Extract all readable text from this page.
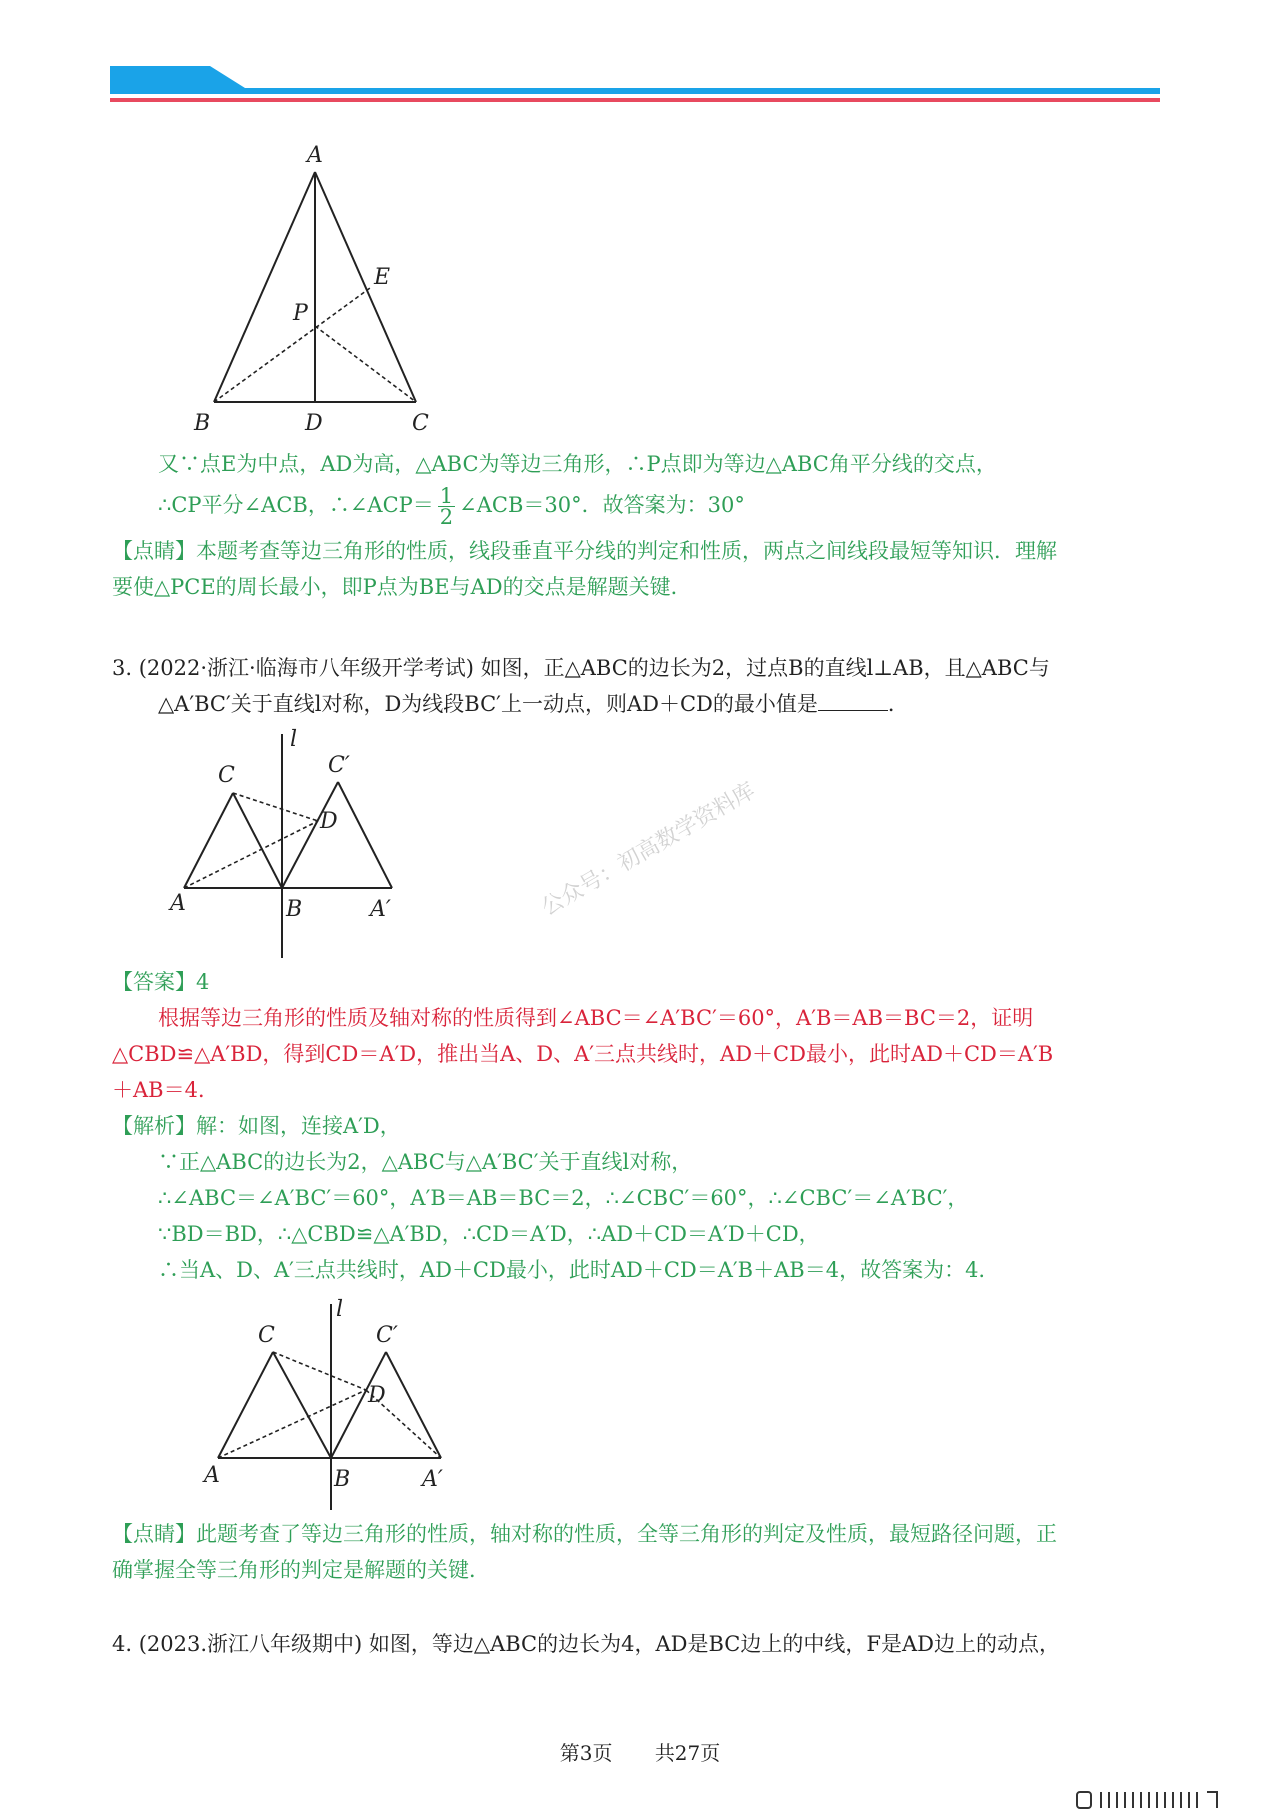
A
E
P
B	D	C
又∵点E为中点，AD为高，△ABC为等边三角形，∴P点即为等边△ABC角平分线的交点，
∴CP平分∠ACB，∴∠ACP＝ $\frac{1}{2}$ ∠ACB＝30°．故答案为：30°
【点睛】本题考查等边三角形的性质，线段垂直平分线的判定和性质，两点之间线段最短等知识．理解
要使△PCE的周长最小，即P点为BE与AD的交点是解题关键．
3. (2022·浙江·临海市八年级开学考试) 如图，正△ABC的边长为2，过点B的直线l⊥AB，且△ABC与
△A′BC′关于直线l对称，D为线段BC′上一动点，则AD＋CD的最小值是	．
l
C	C′
D
A	B	A′	公众号：初高数学资料库
【答案】4
根据等边三角形的性质及轴对称的性质得到∠ABC＝∠A′BC′＝60°，A′B＝AB＝BC＝2，证明
△CBD≌△A′BD，得到CD＝A′D，推出当A、D、A′三点共线时，AD＋CD最小，此时AD＋CD＝A′B
＋AB＝4．
【解析】解：如图，连接A′D，
∵正△ABC的边长为2，△ABC与△A′BC′关于直线l对称，
∴∠ABC＝∠A′BC′＝60°，A′B＝AB＝BC＝2，∴∠CBC′＝60°，∴∠CBC′＝∠A′BC′，
∵BD＝BD，∴△CBD≌△A′BD，∴CD＝A′D，∴AD＋CD＝A′D＋CD，
∴当A、D、A′三点共线时，AD＋CD最小，此时AD＋CD＝A′B＋AB＝4，故答案为：4.
l
C	C′
D
A	B	A′
【点睛】此题考查了等边三角形的性质，轴对称的性质，全等三角形的判定及性质，最短路径问题，正
确掌握全等三角形的判定是解题的关键．
4. (2023.浙江八年级期中) 如图，等边△ABC的边长为4，AD是BC边上的中线，F是AD边上的动点，
第3页 共27页
